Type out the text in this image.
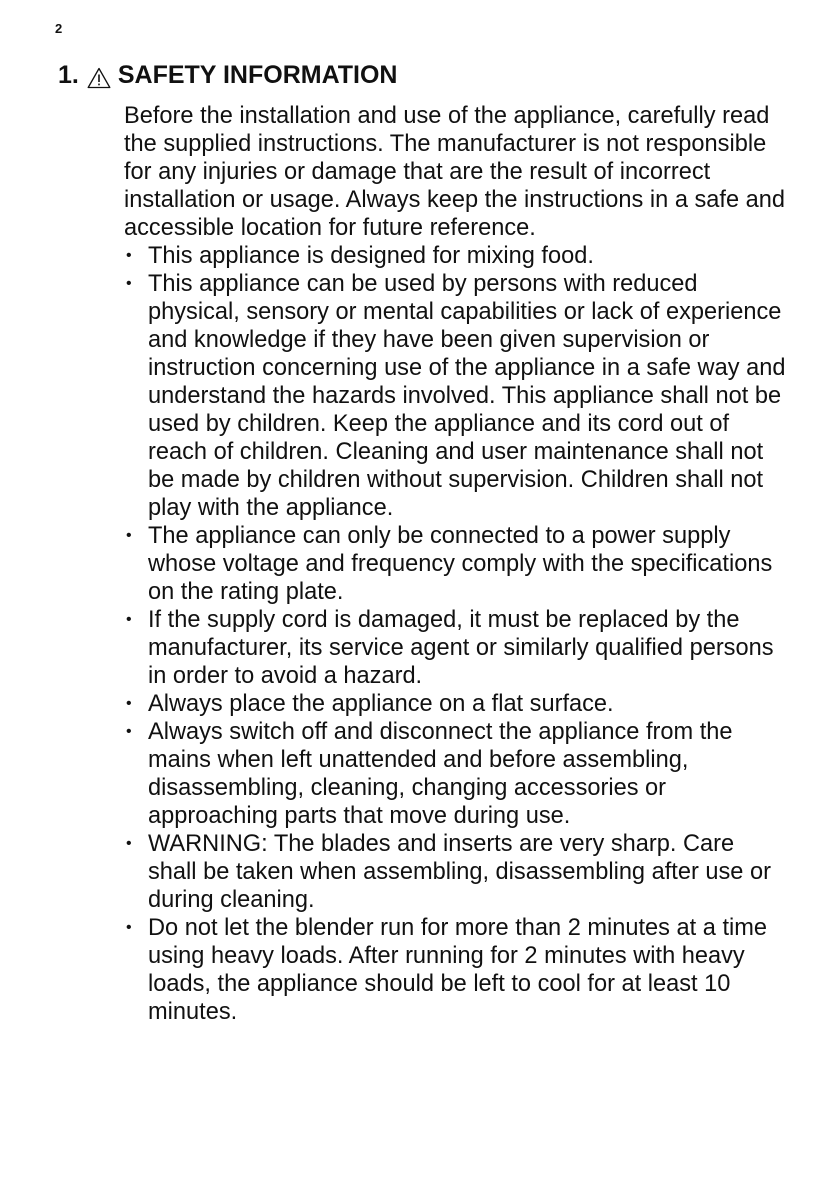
2
1. SAFETY INFORMATION

Before the installation and use of the appliance, carefully read the supplied instructions. The manufacturer is not responsible for any injuries or damage that are the result of incorrect installation or usage. Always keep the instructions in a safe and accessible location for future reference.

• This appliance is designed for mixing food.
• This appliance can be used by persons with reduced physical, sensory or mental capabilities or lack of experience and knowledge if they have been given supervision or instruction concerning use of the appliance in a safe way and understand the hazards involved. This appliance shall not be used by children. Keep the appliance and its cord out of reach of children. Cleaning and user maintenance shall not be made by children without supervision. Children shall not play with the appliance.
• The appliance can only be connected to a power supply whose voltage and frequency comply with the specifications on the rating plate.
• If the supply cord is damaged, it must be replaced by the manufacturer, its service agent or similarly qualified persons in order to avoid a hazard.
• Always place the appliance on a flat surface.
• Always switch off and disconnect the appliance from the mains when left unattended and before assembling, disassembling, cleaning, changing accessories or approaching parts that move during use.
• WARNING: The blades and inserts are very sharp. Care shall be taken when assembling, disassembling after use or during cleaning.
• Do not let the blender run for more than 2 minutes at a time using heavy loads. After running for 2 minutes with heavy loads, the appliance should be left to cool for at least 10 minutes.
